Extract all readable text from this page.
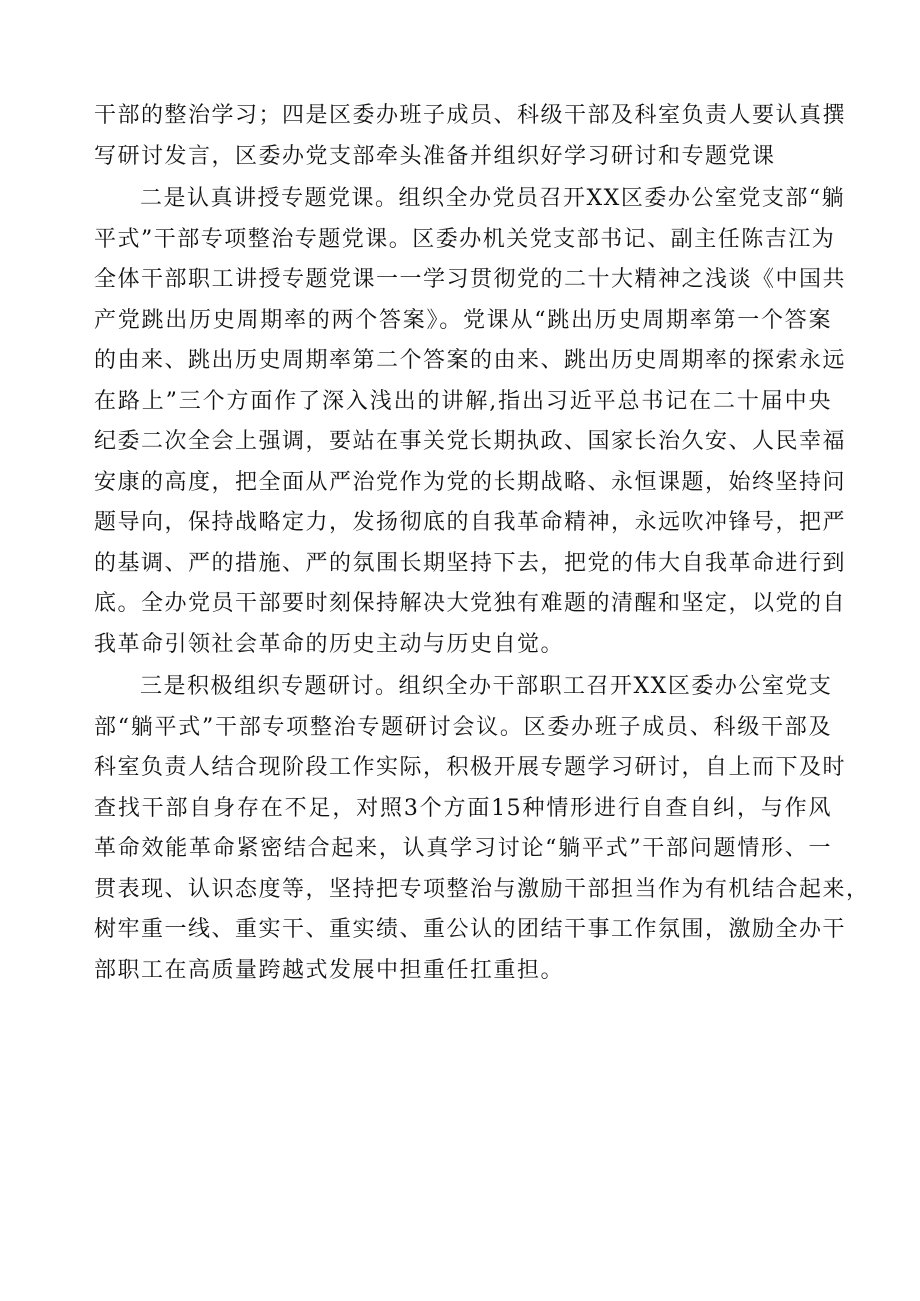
干部的整治学习；四是区委办班子成员、科级干部及科室负责人要认真撰
写研讨发言，区委办党支部牵头准备并组织好学习研讨和专题党课
二是认真讲授专题党课。组织全办党员召开XX区委办公室党支部“躺
平式”干部专项整治专题党课。区委办机关党支部书记、副主任陈吉江为
全体干部职工讲授专题党课一一学习贯彻党的二十大精神之浅谈《中国共
产党跳出历史周期率的两个答案》。党课从“跳出历史周期率第一个答案
的由来、跳出历史周期率第二个答案的由来、跳出历史周期率的探索永远
在路上”三个方面作了深入浅出的讲解,指出习近平总书记在二十届中央
纪委二次全会上强调，要站在事关党长期执政、国家长治久安、人民幸福
安康的高度，把全面从严治党作为党的长期战略、永恒课题，始终坚持问
题导向，保持战略定力，发扬彻底的自我革命精神，永远吹冲锋号，把严
的基调、严的措施、严的氛围长期坚持下去，把党的伟大自我革命进行到
底。全办党员干部要时刻保持解决大党独有难题的清醒和坚定，以党的自
我革命引领社会革命的历史主动与历史自觉。
三是积极组织专题研讨。组织全办干部职工召开XX区委办公室党支
部“躺平式”干部专项整治专题研讨会议。区委办班子成员、科级干部及
科室负责人结合现阶段工作实际，积极开展专题学习研讨，自上而下及时
查找干部自身存在不足，对照3个方面15种情形进行自查自纠，与作风
革命效能革命紧密结合起来，认真学习讨论“躺平式”干部问题情形、一
贯表现、认识态度等，坚持把专项整治与激励干部担当作为有机结合起来，
树牢重一线、重实干、重实绩、重公认的团结干事工作氛围，激励全办干
部职工在高质量跨越式发展中担重任扛重担。
